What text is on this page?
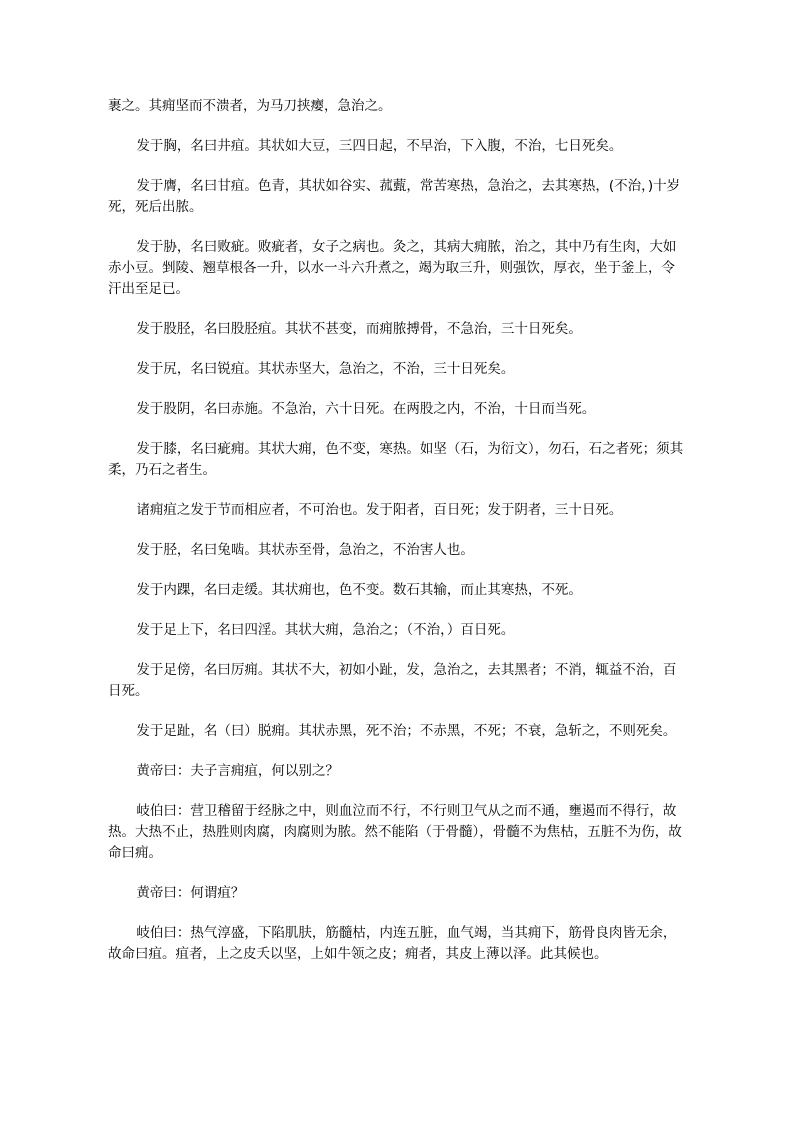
裹之。其痈坚而不溃者，为马刀挟瘿，急治之。

发于胸，名曰井疽。其状如大豆，三四日起，不早治，下入腹，不治，七日死矣。

发于膺，名曰甘疽。色青，其状如谷实、菰薽，常苦寒热，急治之，去其寒热，(不治，)十岁死，死后出脓。

发于胁，名曰败疵。败疵者，女子之病也。灸之，其病大痈脓，治之，其中乃有生肉，大如赤小豆。剉陵、翘草根各一升，以水一斗六升煮之，竭为取三升，则强饮，厚衣，坐于釜上，令汗出至足已。

发于股胫，名曰股胫疽。其状不甚变，而痈脓搏骨，不急治，三十日死矣。

发于尻，名曰锐疽。其状赤坚大，急治之，不治，三十日死矣。

发于股阴，名曰赤施。不急治，六十日死。在两股之内，不治，十日而当死。

发于膝，名曰疵痈。其状大痈，色不变，寒热。如坚（石，为衍文），勿石，石之者死；须其柔，乃石之者生。

诸痈疽之发于节而相应者，不可治也。发于阳者，百日死；发于阴者，三十日死。

发于胫，名曰兔啮。其状赤至骨，急治之，不治害人也。

发于内踝，名曰走缓。其状痈也，色不变。数石其输，而止其寒热，不死。

发于足上下，名曰四淫。其状大痈，急治之；（不治，）百日死。

发于足傍，名曰厉痈。其状不大，初如小趾，发，急治之，去其黑者；不消，辄益不治，百日死。

发于足趾，名（曰）脱痈。其状赤黑，死不治；不赤黑，不死；不衰，急斩之，不则死矣。

黄帝曰：夫子言痈疽，何以别之？

岐伯曰：营卫稽留于经脉之中，则血泣而不行，不行则卫气从之而不通，壅遏而不得行，故热。大热不止，热胜则肉腐，肉腐则为脓。然不能陷（于骨髓），骨髓不为焦枯，五脏不为伤，故命曰痈。

黄帝曰：何谓疽？

岐伯曰：热气淳盛，下陷肌肤，筋髓枯，内连五脏，血气竭，当其痈下，筋骨良肉皆无余，故命曰疽。疽者，上之皮夭以坚，上如牛领之皮；痈者，其皮上薄以泽。此其候也。
